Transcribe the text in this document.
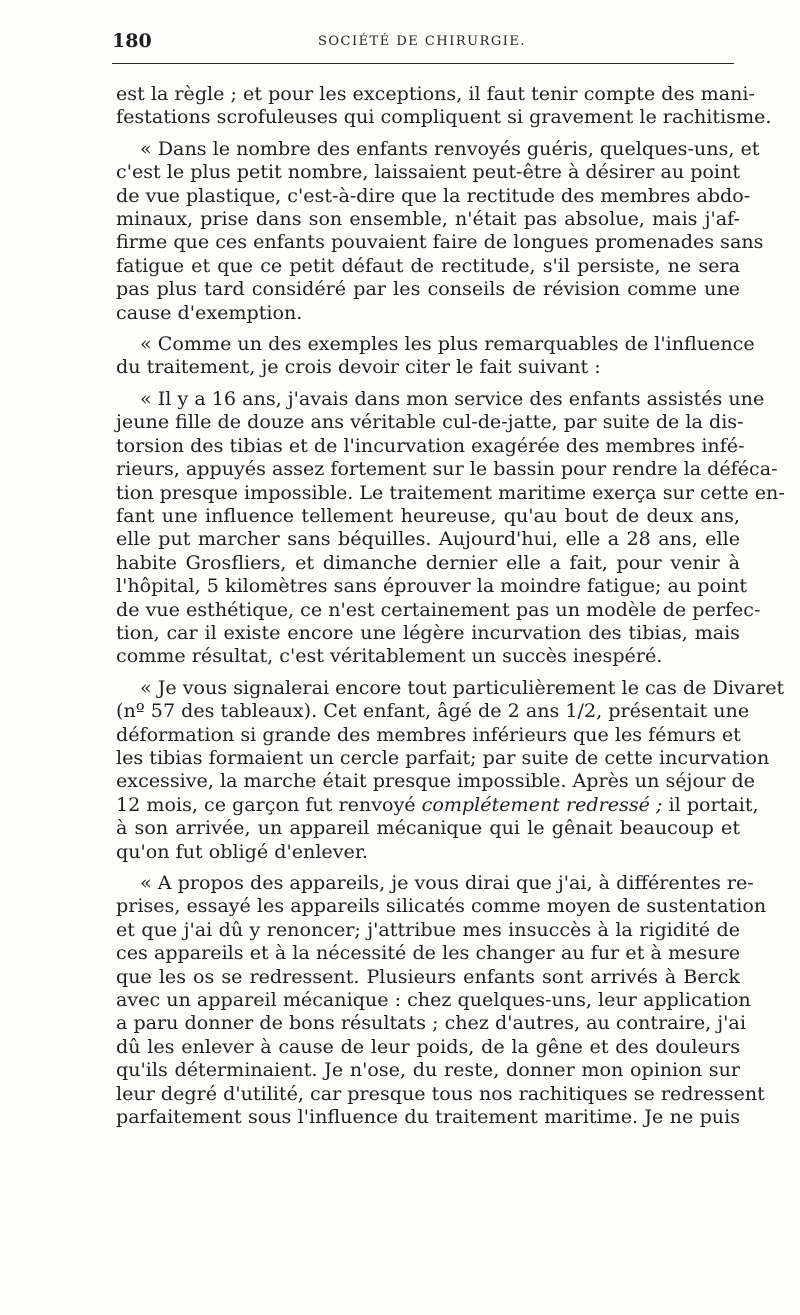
180	SOCIÉTÉ DE CHIRURGIE.

est la règle ; et pour les exceptions, il faut tenir compte des mani-
festations scrofuleuses qui compliquent si gravement le rachitisme.

« Dans le nombre des enfants renvoyés guéris, quelques-uns, et
c'est le plus petit nombre, laissaient peut-être à désirer au point
de vue plastique, c'est-à-dire que la rectitude des membres abdo-
minaux, prise dans son ensemble, n'était pas absolue, mais j'af-
firme que ces enfants pouvaient faire de longues promenades sans
fatigue et que ce petit défaut de rectitude, s'il persiste, ne sera
pas plus tard considéré par les conseils de révision comme une
cause d'exemption.

« Comme un des exemples les plus remarquables de l'influence
du traitement, je crois devoir citer le fait suivant :

« Il y a 16 ans, j'avais dans mon service des enfants assistés une
jeune fille de douze ans véritable cul-de-jatte, par suite de la dis-
torsion des tibias et de l'incurvation exagérée des membres infé-
rieurs, appuyés assez fortement sur le bassin pour rendre la déféca-
tion presque impossible. Le traitement maritime exerça sur cette en-
fant une influence tellement heureuse, qu'au bout de deux ans,
elle put marcher sans béquilles. Aujourd'hui, elle a 28 ans, elle
habite Grosfliers, et dimanche dernier elle a fait, pour venir à
l'hôpital, 5 kilomètres sans éprouver la moindre fatigue; au point
de vue esthétique, ce n'est certainement pas un modèle de perfec-
tion, car il existe encore une légère incurvation des tibias, mais
comme résultat, c'est véritablement un succès inespéré.

« Je vous signalerai encore tout particulièrement le cas de Divaret
(nº 57 des tableaux). Cet enfant, âgé de 2 ans 1/2, présentait une
déformation si grande des membres inférieurs que les fémurs et
les tibias formaient un cercle parfait; par suite de cette incurvation
excessive, la marche était presque impossible. Après un séjour de
12 mois, ce garçon fut renvoyé complétement redressé ; il portait,
à son arrivée, un appareil mécanique qui le gênait beaucoup et
qu'on fut obligé d'enlever.

« A propos des appareils, je vous dirai que j'ai, à différentes re-
prises, essayé les appareils silicatés comme moyen de sustentation
et que j'ai dû y renoncer; j'attribue mes insuccès à la rigidité de
ces appareils et à la nécessité de les changer au fur et à mesure
que les os se redressent. Plusieurs enfants sont arrivés à Berck
avec un appareil mécanique : chez quelques-uns, leur application
a paru donner de bons résultats ; chez d'autres, au contraire, j'ai
dû les enlever à cause de leur poids, de la gêne et des douleurs
qu'ils déterminaient. Je n'ose, du reste, donner mon opinion sur
leur degré d'utilité, car presque tous nos rachitiques se redressent
parfaitement sous l'influence du traitement maritime. Je ne puis
